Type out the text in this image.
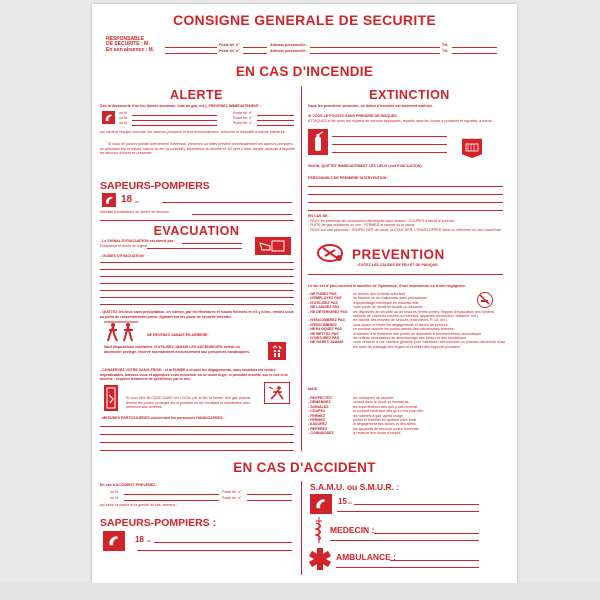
CONSIGNE GENERALE DE SECURITE
RESPONSABLE
DE SECURITE : M.
En son absence : M.
Poste tél. n°
Poste tél. n°
Adresse personnelle :
Adresse personnelle :
Tél:
Tél:
EN CAS D'INCENDIE
ALERTE
Dès la découverte d'un feu (fumée anormale, fuite de gaz, ect.), PREVENEZ IMMEDIATEMENT :
ou M.
ou M.
ou M.
Poste tél. n°
Poste tél. n°
Poste tél. n°
qui alertera l'équipe incendie, les sapeurs-pompiers et fera éventuellement, actionner le dispositif d'alarme intérieure.
Si vous ne pouvez joindre directement l'intéressé, prévenez ou faites prévenir immédiatement les sapeurs-pompiers, en précisant lieu et nature, nature du feu (si possible), importance du sinistre et, s'il peut y avoir danger, adresse à laquelle les secours doivent se présenter.
SAPEURS-POMPIERS
18 ou
Adresse (localisation) du centre de secours :
EVACUATION
- Le SIGNAL D'EVACUATION est donné par :
Fréquence et durée du signal :
- GUIDES D'EVACUATION :
- QUITTEZ les lieux sans précipitation, en silence, par les itinéraires et issues fléchées et s'il y a lieu, rendez-vous au point de rassemblement prévu, figurant sur les plans de sécurité incendie.
NE REVENEZ JAMAIS EN ARRIERE.
Sauf dispositions contraires, N'UTILISEZ JAMAIS LES ASCENSEURS, même un ascenseur protégé, réservé normalement exclusivement aux personnes handicapées.
- CONSERVEZ VOTRE SANG-FROID : si la FUMEE a envahi les dégagements, sans toutefois les rendre impraticables, baissez-vous et appliquez votre mouchoir ou un autre linge, si possible mouillé, sur le nez et la bouche ; respirez lentement de préférence par le nez.
Si vous êtes BLOQUE DANS UN LOCAL par le feu, la fumée, des gaz chauds : fermez les portes, protégez-les si possible en les mouillant et manifestez votre présence aux fenêtres.
- MESURES PARTICULIERES concernant les personnes HANDICAPEES :
EXTINCTION
Dans les premières secondes, un début d'incendie est aisément maîtrisé.
SI VOUS LE POUVEZ SANS PRENDRE DE RISQUES,
ATTAQUEZ le feu avec les moyens de secours appropriés, répartis dans les locaux à proximité et signalés, à savoir :
SINON, QUITTEZ IMMEDIATEMENT LES LIEUX (voir EVACUATION).
PERSONNELS DE PREMIERE INTERVENTION :
EN CAS DE :
- FEUX en présence de conducteurs électriques sous tension : COUPER d'abord le courant.
- FUITE de gaz enflammé ou non : FERMER le robinet ou la vanne.
- FEUX sur une personne : l'EMPECHER de courir, la COUCHER, L'ENVELOPPER dans un vêtement ou une couverture.
PREVENTION
- EVITEZ LES CAUSES DE FEU ET DE PANIQUE.
Le feu est le plus souvent le sacrifice de l'ignorance, d'une imprudence ou d'une négligence.
- NE FUMEZ PAS	en dehors des endroits autorisés.
- N'EMPLOYEZ PAS	de flamme ou de chalumeau sans précautions.
- N'UTILISEZ PAS	d'appareillage électrique en mauvais état.
- NE LAISSEZ PAS	votre poste de travail en fouillis ou désordre.
- NE DETERIOREZ PAS	les dispositifs de sécurité ou de secours (ferme-portes, trappes d'évacuation des fumées, robinets de colonnes sèches ou humides, appareils d'extinction, d'alarme, ect.).
- N'ENCOMBREZ PAS	les abords des moyens de secours (extincteurs, R.I.A, ect.).
- N'ENCOMBREZ	sous aucun prétexte les dégagements et issues de secours.
- NE BLOQUEZ PAS	en position ouverte les portes dotées des mécanismes fermées.
- NE METTEZ PAS	d'obstacle à la fermeture des portes ou dispositifs à fonctionnement automatique.
- N'OBTUREZ PAS	les orifices nécessaires au désenfumage des locaux et des circulations.
- NE GAREZ JAMAIS	votre véhicule d'une manière gênante pour l'utilisation des bouches ou poteaux d'incendie ni sur les voies de passage des engins et échelles des sapeurs-pompiers.
MAIS
- RESPECTEZ	les consignes de sécurité.
- DEMANDEZ	conseil dans le doute et l'embarras.
- SIGNALEZ	les imperfections afin qu'il y soit remédié.
- COUPEZ	le courant électrique dès qu'il n'est plus utile.
- FERMEZ	les robinets à gaz, après usage.
- FERMEZ	portes et fenêtres en quittant votre local.
- ASSUREZ	le dégagement des issues et des allées.
- REPEREZ	les appareils de secours contre l'incendie.
- CONNAISSEZ	à l'avance leur mode d'emploi.
EN CAS D'ACCIDENT
En cas d'ACCIDENT, PREVENEZ :
ou M.
ou M.
Poste tél. n°
Poste tél. n°
qui selon la nature et la gravité du cas, alertera :
SAPEURS-POMPIERS :
18 ou
S.A.M.U. ou S.M.U.R. :
15 ou
MEDECIN :
AMBULANCE :
